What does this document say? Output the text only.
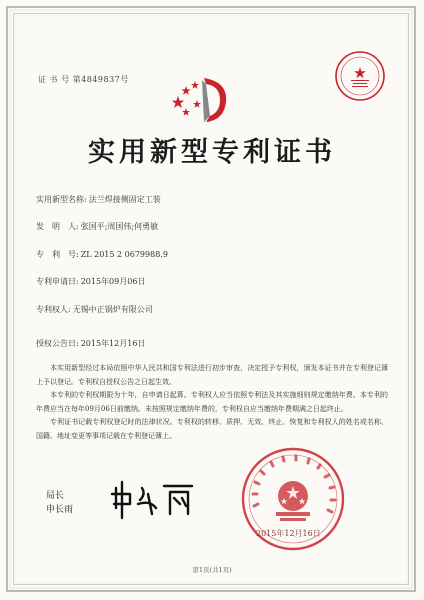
证 书 号 第4849837号
实用新型专利证书
实用新型名称: 法兰焊接侧固定工装
发　明　人: 张国平;周国伟;何勇敏
专　利　号: ZL 2015 2 0679988.9
专利申请日: 2015年09月06日
专利权人: 无锡中正锅炉有限公司
授权公告日: 2015年12月16日

本实用新型经过本局依照中华人民共和国专利法进行初步审查，决定授予专利权，颁发本证书并在专利登记簿上予以登记。专利权自授权公告之日起生效。

本专利的专利权期限为十年，自申请日起算。专利权人应当依照专利法及其实施细则规定缴纳年费。本专利的年费应当在每年09月06日前缴纳。未按照规定缴纳年费的，专利权自应当缴纳年费期满之日起终止。

专利证书记载专利权登记时的法律状况。专利权的转移、质押、无效、终止、恢复和专利权人的姓名或名称、国籍、地址变更等事项记载在专利登记簿上。

局长
申长雨
2015年12月16日
第1页(共1页)
